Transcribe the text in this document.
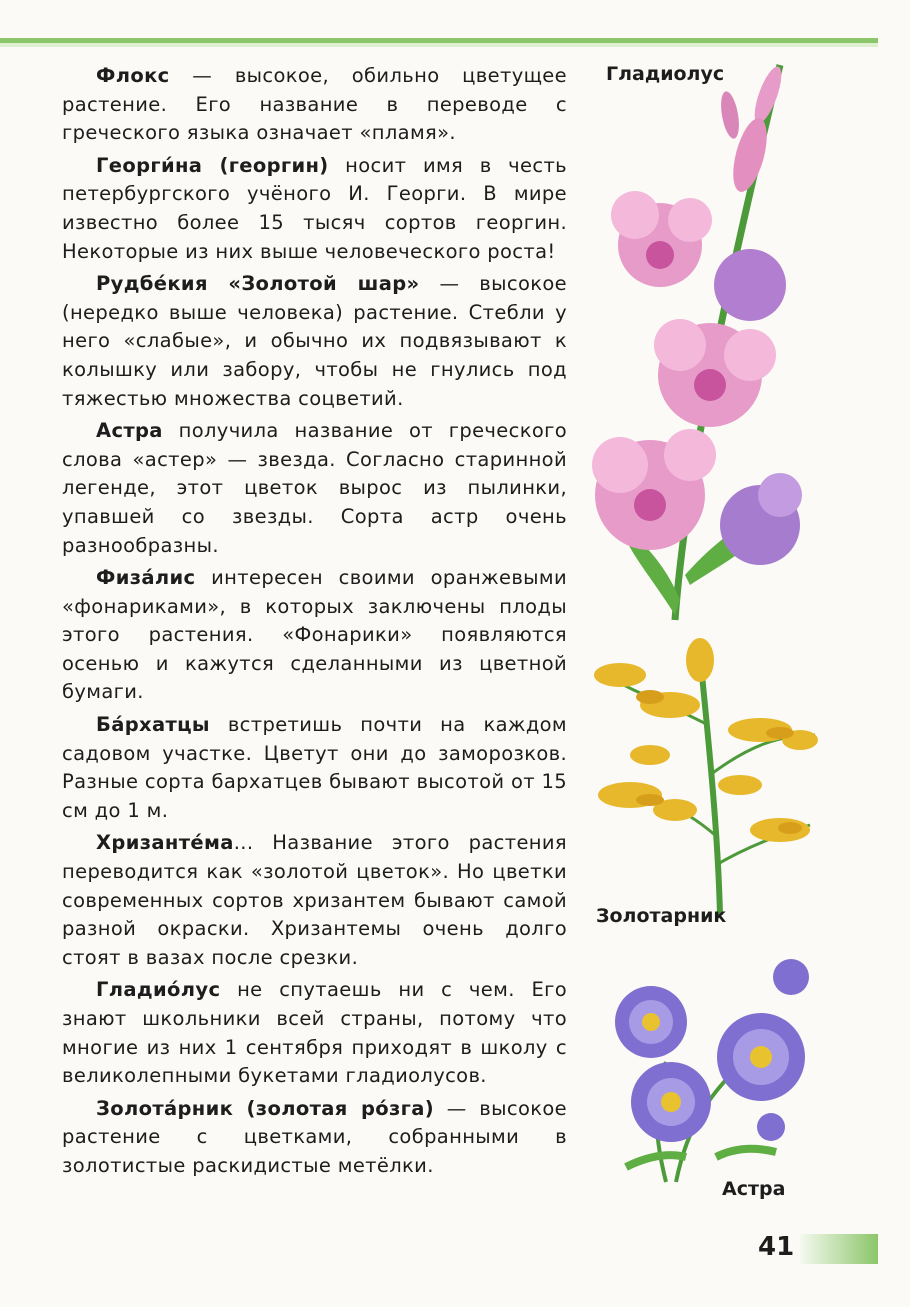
Флокс — высокое, обильно цветущее растение. Его название в переводе с греческого языка означает «пламя».

Георги́на (георгин) носит имя в честь петербургского учёного И. Георги. В мире известно более 15 тысяч сортов георгин. Некоторые из них выше человеческого роста!

Рудбе́кия «Золотой шар» — высокое (нередко выше человека) растение. Стебли у него «слабые», и обычно их подвязывают к колышку или забору, чтобы не гнулись под тяжестью множества соцветий.

Астра получила название от греческого слова «астер» — звезда. Согласно старинной легенде, этот цветок вырос из пылинки, упавшей со звезды. Сорта астр очень разнообразны.

Физа́лис интересен своими оранжевыми «фонариками», в которых заключены плоды этого растения. «Фонарики» появляются осенью и кажутся сделанными из цветной бумаги.

Ба́рхатцы встретишь почти на каждом садовом участке. Цветут они до заморозков. Разные сорта бархатцев бывают высотой от 15 см до 1 м.

Хризанте́ма... Название этого растения переводится как «золотой цветок». Но цветки современных сортов хризантем бывают самой разной окраски. Хризантемы очень долго стоят в вазах после срезки.

Гладио́лус не спутаешь ни с чем. Его знают школьники всей страны, потому что многие из них 1 сентября приходят в школу с великолепными букетами гладиолусов.

Золота́рник (золотая ро́зга) — высокое растение с цветками, собранными в золотистые раскидистые метёлки.

Гладиолус
Золотарник
Астра
41
